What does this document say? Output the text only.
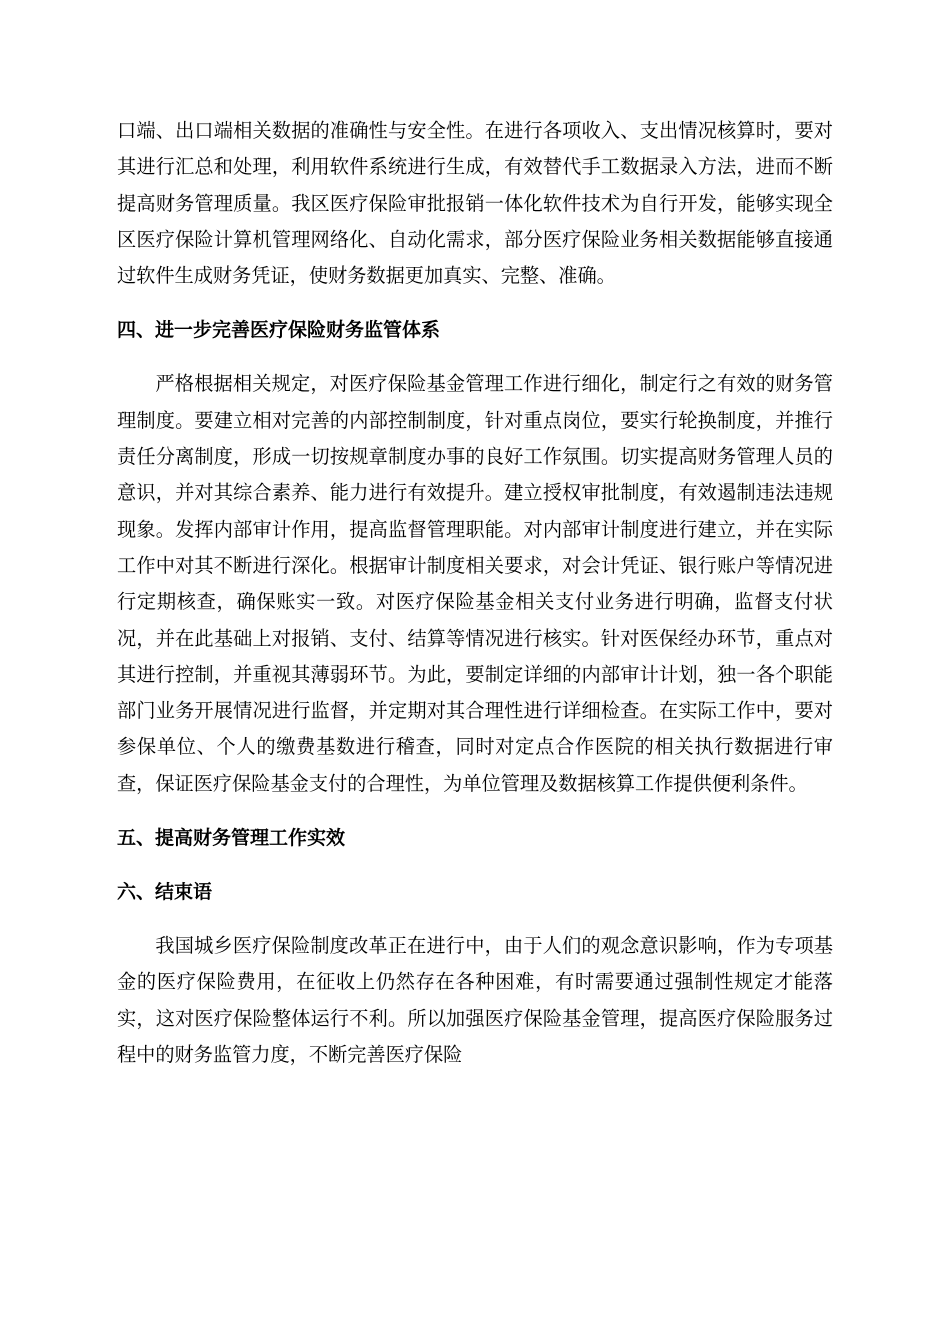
口端、出口端相关数据的准确性与安全性。在进行各项收入、支出情况核算时，要对其进行汇总和处理，利用软件系统进行生成，有效替代手工数据录入方法，进而不断提高财务管理质量。我区医疗保险审批报销一体化软件技术为自行开发，能够实现全区医疗保险计算机管理网络化、自动化需求，部分医疗保险业务相关数据能够直接通过软件生成财务凭证，使财务数据更加真实、完整、准确。

四、进一步完善医疗保险财务监管体系

严格根据相关规定，对医疗保险基金管理工作进行细化，制定行之有效的财务管理制度。要建立相对完善的内部控制制度，针对重点岗位，要实行轮换制度，并推行责任分离制度，形成一切按规章制度办事的良好工作氛围。切实提高财务管理人员的意识，并对其综合素养、能力进行有效提升。建立授权审批制度，有效遏制违法违规现象。发挥内部审计作用，提高监督管理职能。对内部审计制度进行建立，并在实际工作中对其不断进行深化。根据审计制度相关要求，对会计凭证、银行账户等情况进行定期核查，确保账实一致。对医疗保险基金相关支付业务进行明确，监督支付状况，并在此基础上对报销、支付、结算等情况进行核实。针对医保经办环节，重点对其进行控制，并重视其薄弱环节。为此，要制定详细的内部审计计划，独一各个职能部门业务开展情况进行监督，并定期对其合理性进行详细检查。在实际工作中，要对参保单位、个人的缴费基数进行稽查，同时对定点合作医院的相关执行数据进行审查，保证医疗保险基金支付的合理性，为单位管理及数据核算工作提供便利条件。

五、提高财务管理工作实效
六、结束语

我国城乡医疗保险制度改革正在进行中，由于人们的观念意识影响，作为专项基金的医疗保险费用，在征收上仍然存在各种困难，有时需要通过强制性规定才能落实，这对医疗保险整体运行不利。所以加强医疗保险基金管理，提高医疗保险服务过程中的财务监管力度，不断完善医疗保险
